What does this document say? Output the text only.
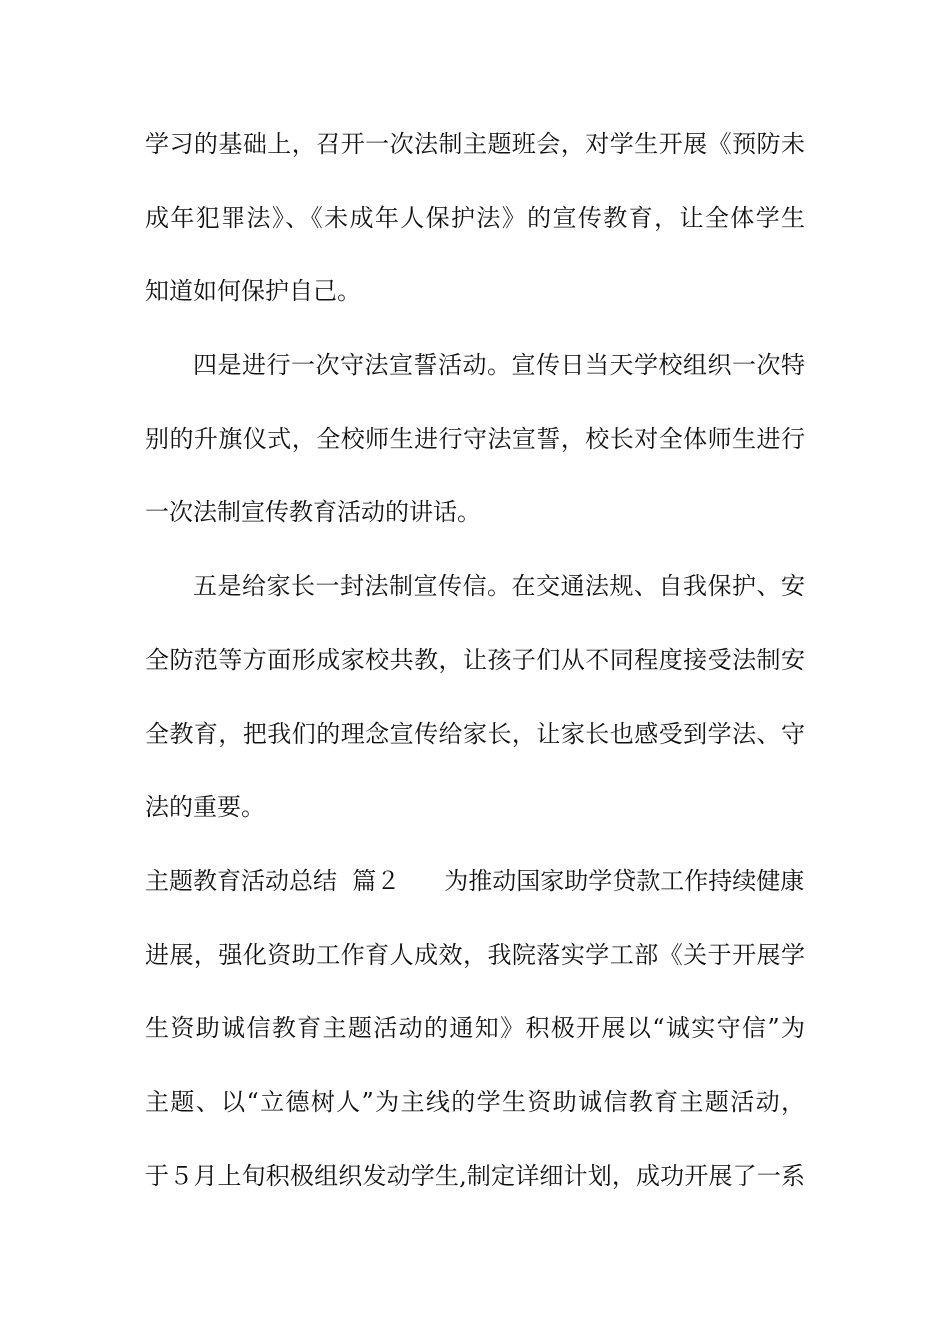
学习的基础上，召开一次法制主题班会，对学生开展《预防未
成年犯罪法》、《未成年人保护法》的宣传教育，让全体学生
知道如何保护自己。
四是进行一次守法宣誓活动。宣传日当天学校组织一次特
别的升旗仪式，全校师生进行守法宣誓，校长对全体师生进行
一次法制宣传教育活动的讲话。
五是给家长一封法制宣传信。在交通法规、自我保护、安
全防范等方面形成家校共教，让孩子们从不同程度接受法制安
全教育，把我们的理念宣传给家长，让家长也感受到学法、守
法的重要。
主题教育活动总结  篇２ 为推动国家助学贷款工作持续健康
进展，强化资助工作育人成效，我院落实学工部《关于开展学
生资助诚信教育主题活动的通知》积极开展以“诚实守信”为
主题、以“立德树人”为主线的学生资助诚信教育主题活动，
于５月上旬积极组织发动学生,制定详细计划，成功开展了一系
